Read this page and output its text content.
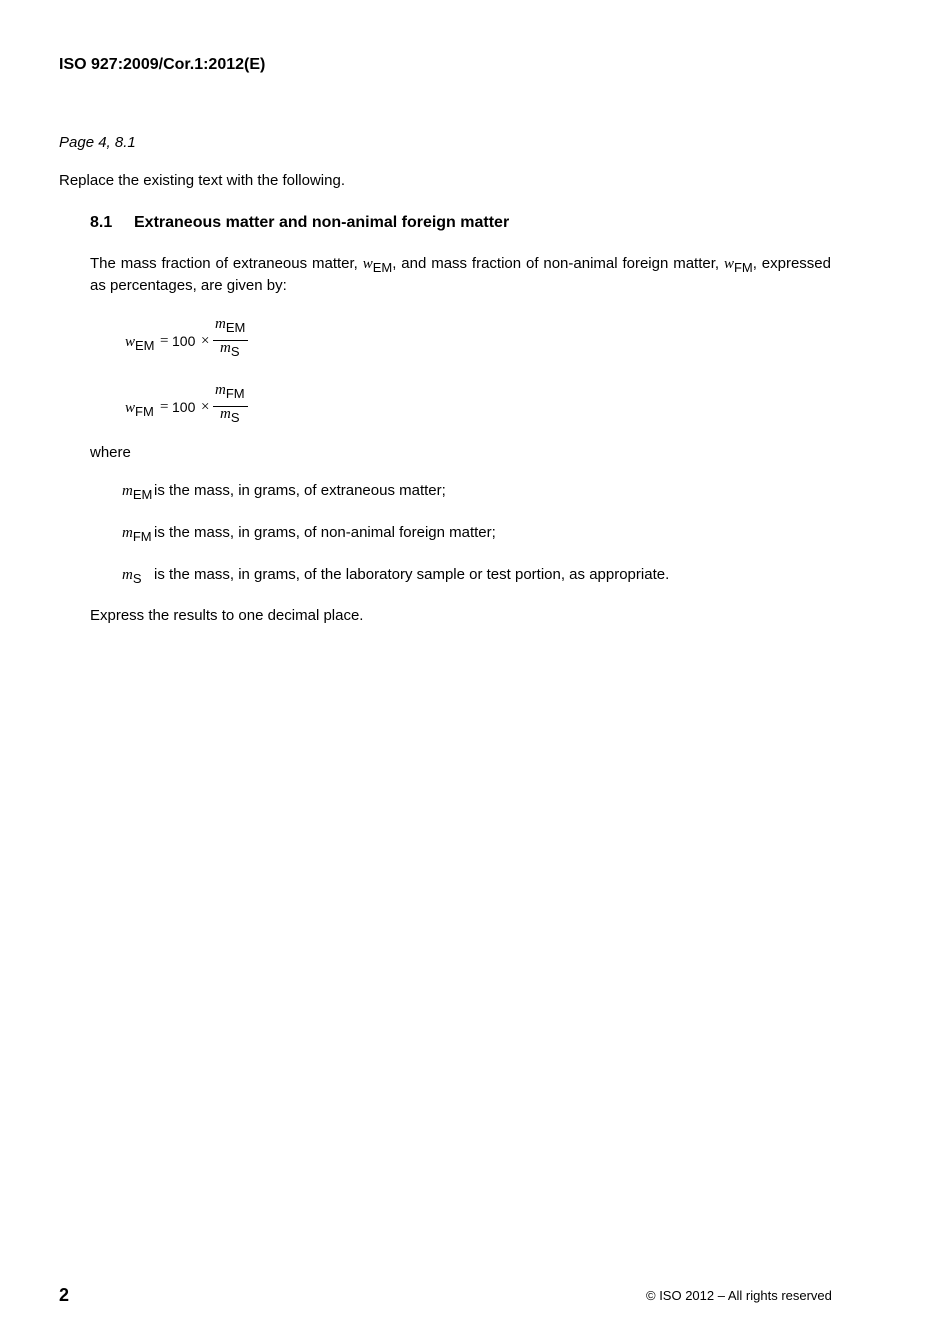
ISO 927:2009/Cor.1:2012(E)
Page 4, 8.1
Replace the existing text with the following.
8.1 Extraneous matter and non-animal foreign matter
The mass fraction of extraneous matter, wEM, and mass fraction of non-animal foreign matter, wFM, expressed as percentages, are given by:
wEM = 100 ×
mEM
mS
wFM = 100 ×
mFM
mS
where
mEM is the mass, in grams, of extraneous matter;
mFM is the mass, in grams, of non-animal foreign matter;
mS is the mass, in grams, of the laboratory sample or test portion, as appropriate.
Express the results to one decimal place.
2	© ISO 2012 – All rights reserved
